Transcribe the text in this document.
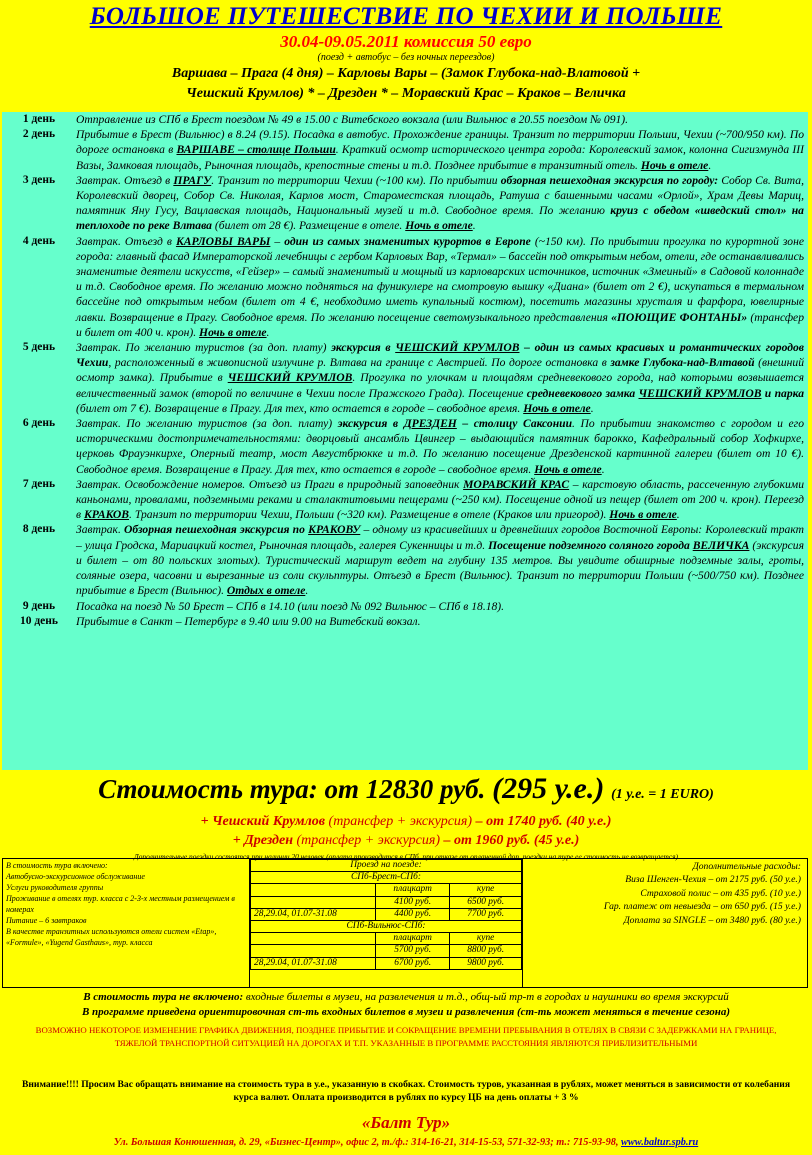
БОЛЬШОЕ ПУТЕШЕСТВИЕ ПО ЧЕХИИ И ПОЛЬШЕ
30.04-09.05.2011 комиссия 50 евро
(поезд + автобус – без ночных переездов)
Варшава – Прага (4 дня) – Карловы Вары – (Замок Глубока-над-Влатовой +
Чешский Крумлов) * – Дрезден * – Моравский Крас – Краков – Величка
1 день	Отправление из СПб в Брест поездом № 49 в 15.00 с Витебского вокзала (или Вильнюс в 20.55 поездом № 091).
2 день	Прибытие в Брест (Вильнюс) в 8.24 (9.15). Посадка в автобус. Прохождение границы. Транзит по территории Польши, Чехии (~700/950 км). По дороге остановка в ВАРШАВЕ – столице Польши. Краткий осмотр исторического центра города: Королевский замок, колонна Сигизмунда III Вазы, Замковая площадь, Рыночная площадь, крепостные стены и т.д. Позднее прибытие в транзитный отель. Ночь в отеле.
3 день	Завтрак. Отъезд в ПРАГУ. Транзит по территории Чехии (~100 км). По прибытии обзорная пешеходная экскурсия по городу: Собор Св. Вита, Королевский дворец, Собор Св. Николая, Карлов мост, Староместская площадь, Ратуша с башенными часами «Орлой», Храм Девы Мариц, памятник Яну Гусу, Вацлавская площадь, Национальный музей и т.д. Свободное время. По желанию круиз с обедом «шведский стол» на теплоходе по реке Влтава (билет от 28 €). Размещение в отеле. Ночь в отеле.
4 день	Завтрак. Отъезд в КАРЛОВЫ ВАРЫ – один из самых знаменитых курортов в Европе (~150 км). По прибытии прогулка по курортной зоне города: главный фасад Императорской лечебницы с гербом Карловых Вар, «Термал» – бассейн под открытым небом, отели, где останавливались знаменитые деятели искусств, «Гейзер» – самый знаменитый и мощный из карловарских источников, источник «Змеиный» в Садовой колоннаде и т.д. Свободное время. По желанию можно подняться на фуникулере на смотровую вышку «Диана» (билет от 2 €), искупаться в термальном бассейне под открытым небом (билет от 4 €, необходимо иметь купальный костюм), посетить магазины хрусталя и фарфора, ювелирные лавки. Возвращение в Прагу. Свободное время. По желанию посещение светомузыкального представления «ПОЮЩИЕ ФОНТАНЫ» (трансфер и билет от 400 ч. крон). Ночь в отеле.
5 день	Завтрак. По желанию туристов (за доп. плату) экскурсия в ЧЕШСКИЙ КРУМЛОВ – один из самых красивых и романтических городов Чехии, расположенный в живописной излучине р. Влтава на границе с Австрией. По дороге остановка в замке Глубока-над-Влтавой (внешний осмотр замка). Прибытие в ЧЕШСКИЙ КРУМЛОВ. Прогулка по улочкам и площадям средневекового города, над которыми возвышается величественный замок (второй по величине в Чехии после Пражского Града). Посещение средневекового замка ЧЕШСКИЙ КРУМЛОВ и парка (билет от 7 €). Возвращение в Прагу. Для тех, кто остается в городе – свободное время. Ночь в отеле.
6 день	Завтрак. По желанию туристов (за доп. плату) экскурсия в ДРЕЗДЕН – столицу Саксонии. По прибытии знакомство с городом и его историческими достопримечательностями: дворцовый ансамбль Цвингер – выдающийся памятник барокко, Кафедральный собор Хофкирхе, церковь Фрауэнкирхе, Оперный театр, мост Августбрюкке и т.д. По желанию посещение Дрезденской картинной галереи (билет от 10 €). Свободное время. Возвращение в Прагу. Для тех, кто остается в городе – свободное время. Ночь в отеле.
7 день	Завтрак. Освобождение номеров. Отъезд из Праги в природный заповедник МОРАВСКИЙ КРАС – карстовую область, рассеченную глубокими каньонами, провалами, подземными реками и сталактитовыми пещерами (~250 км). Посещение одной из пещер (билет от 200 ч. крон). Переезд в КРАКОВ. Транзит по территории Чехии, Польши (~320 км). Размещение в отеле (Краков или пригород). Ночь в отеле.
8 день	Завтрак. Обзорная пешеходная экскурсия по КРАКОВУ – одному из красивейших и древнейших городов Восточной Европы: Королевский тракт – улица Гродска, Мариацкий костел, Рыночная площадь, галерея Сукенницы и т.д. Посещение подземного соляного города ВЕЛИЧКА (экскурсия и билет – от 80 польских злотых). Туристический маршрут ведет на глубину 135 метров. Вы увидите обширные подземные залы, гроты, соляные озера, часовни и вырезанные из соли скульптуры. Отъезд в Брест (Вильнюс). Транзит по территории Польши (~500/750 км). Позднее прибытие в Брест (Вильнюс). Отдых в отеле.
9 день	Посадка на поезд № 50 Брест – СПб в 14.10 (или поезд № 092 Вильнюс – СПб в 18.18).
10 день	Прибытие в Санкт – Петербург в 9.40 или 9.00 на Витебский вокзал.
Стоимость тура: от 12830 руб. (295 у.е.) (1 у.е. = 1 EURO)
+ Чешский Крумлов (трансфер + экскурсия) – от 1740 руб. (40 у.е.)
+ Дрезден (трансфер + экскурсия) – от 1960 руб. (45 у.е.)
Дополнительные поездки состоятся при наличии 20 человек (оплата производится в СПб, при отказе от оплаченной доп. поездки на туре ее стоимость не возвращается)
В стоимость тура включено:
Автобусно-экскурсионное обслуживание
Услуги руководителя группы
Проживание в отелях тур. класса с 2-3-х местным размещением в номерах
Питание – 6 завтраков
В качестве транзитных используются отели систем «Etap», «Formule», «Yugend Gasthaus», тур. класса
Проезд на поезде:		
СПб-Брест-СПб:		
	плацкарт	купе
	4100 руб.	6500 руб.
28,29.04, 01.07-31.08	4400 руб.	7700 руб.
СПб-Вильнюс-СПб:		
	плацкарт	купе
	5700 руб.	8800 руб.
28,29.04, 01.07-31.08	6700 руб.	9800 руб.
Дополнительные расходы:
Виза Шенген-Чехия – от 2175 руб. (50 у.е.)
Страховой полис – от 435 руб. (10 у.е.)
Гар. платеж от невыезда – от 650 руб. (15 у.е.)
Доплата за SINGLE – от 3480 руб. (80 у.е.)
В стоимость тура не включено: входные билеты в музеи, на развлечения и т.д., общ-ый тр-т в городах и наушники во время экскурсий
В программе приведена ориентировочная ст-ть входных билетов в музеи и развлечения (ст-ть может меняться в течение сезона)
ВОЗМОЖНО НЕКОТОРОЕ ИЗМЕНЕНИЕ ГРАФИКА ДВИЖЕНИЯ, ПОЗДНЕЕ ПРИБЫТИЕ И СОКРАЩЕНИЕ ВРЕМЕНИ ПРЕБЫВАНИЯ В ОТЕЛЯХ В СВЯЗИ С ЗАДЕРЖКАМИ НА ГРАНИЦЕ, ТЯЖЕЛОЙ ТРАНСПОРТНОЙ СИТУАЦИЕЙ НА ДОРОГАХ И Т.П. УКАЗАННЫЕ В ПРОГРАММЕ РАССТОЯНИЯ ЯВЛЯЮТСЯ ПРИБЛИЗИТЕЛЬНЫМИ
Внимание!!!! Просим Вас обращать внимание на стоимость тура в у.е., указанную в скобках. Стоимость туров, указанная в рублях, может меняться в зависимости от колебания курса валют. Оплата производится в рублях по курсу ЦБ на день оплаты + 3 %
«Балт Тур»
Ул. Большая Конюшенная, д. 29, «Бизнес-Центр», офис 2, т./ф.: 314-16-21, 314-15-53, 571-32-93; т.: 715-93-98, www.baltur.spb.ru
